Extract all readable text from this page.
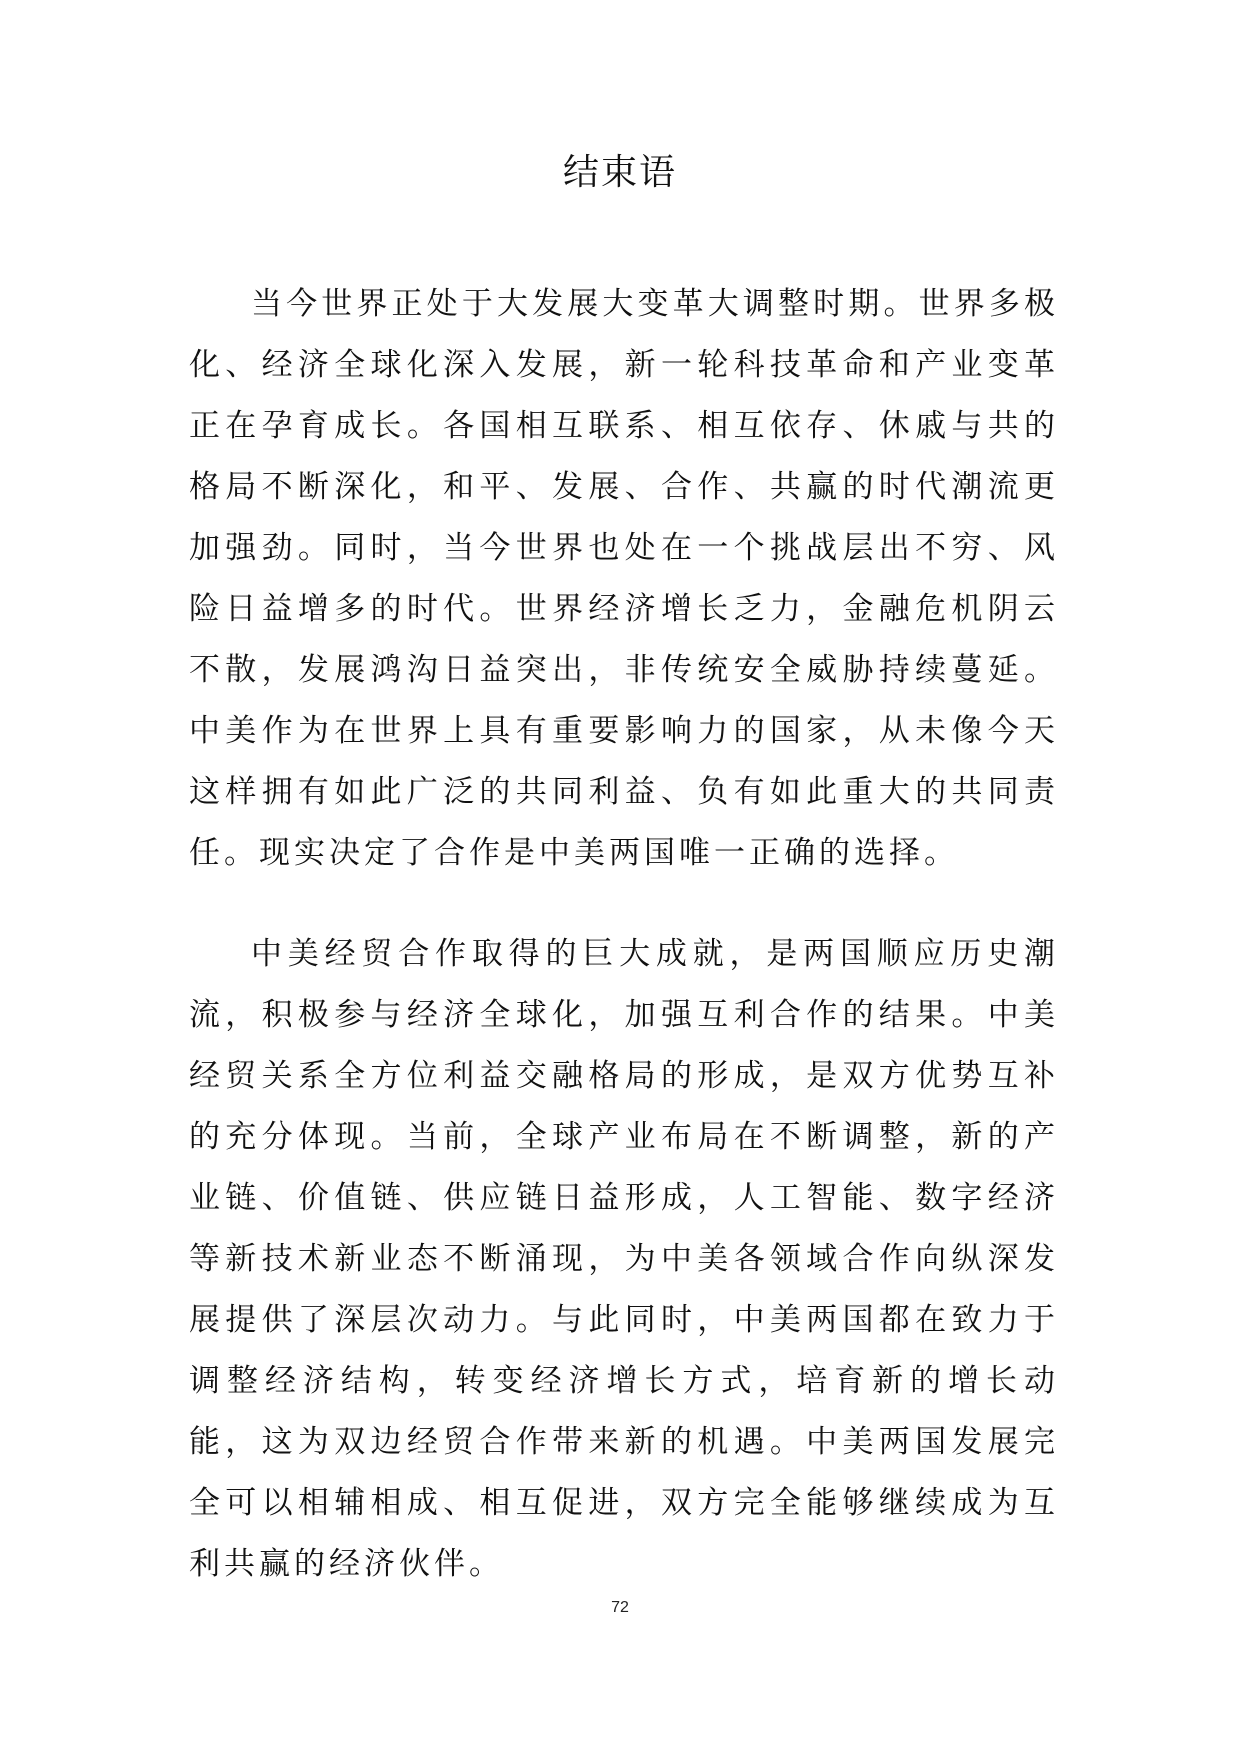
结束语

当今世界正处于大发展大变革大调整时期。世界多极化、经济全球化深入发展，新一轮科技革命和产业变革正在孕育成长。各国相互联系、相互依存、休戚与共的格局不断深化，和平、发展、合作、共赢的时代潮流更加强劲。同时，当今世界也处在一个挑战层出不穷、风险日益增多的时代。世界经济增长乏力，金融危机阴云不散，发展鸿沟日益突出，非传统安全威胁持续蔓延。中美作为在世界上具有重要影响力的国家，从未像今天这样拥有如此广泛的共同利益、负有如此重大的共同责任。现实决定了合作是中美两国唯一正确的选择。

中美经贸合作取得的巨大成就，是两国顺应历史潮流，积极参与经济全球化，加强互利合作的结果。中美经贸关系全方位利益交融格局的形成，是双方优势互补的充分体现。当前，全球产业布局在不断调整，新的产业链、价值链、供应链日益形成，人工智能、数字经济等新技术新业态不断涌现，为中美各领域合作向纵深发展提供了深层次动力。与此同时，中美两国都在致力于调整经济结构，转变经济增长方式，培育新的增长动能，这为双边经贸合作带来新的机遇。中美两国发展完全可以相辅相成、相互促进，双方完全能够继续成为互利共赢的经济伙伴。

72
